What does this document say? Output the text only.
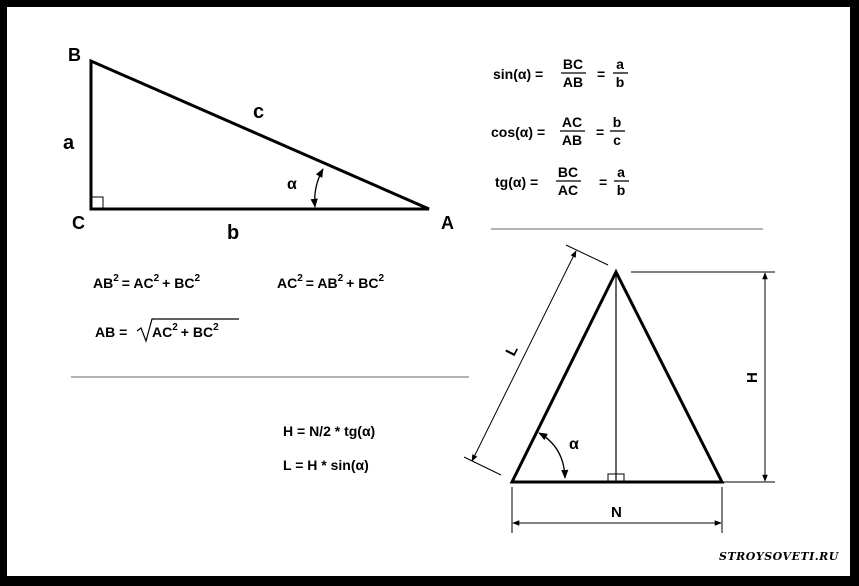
B
C	A
a
b
c
α
sin(α) =
BC
AB =
a
b
cos(α) =
AC
AB =
b
c
tg(α) =
BC
AC =
a
b
$AB^2 = AC^2 + BC^2$	$AC^2 = AB^2 + BC^2$
AB = $AC^2 + BC^2$
H = N/2 * tg(α)
L = H * sin(α)
α
L
H
N
STROYSOVETI.RU
